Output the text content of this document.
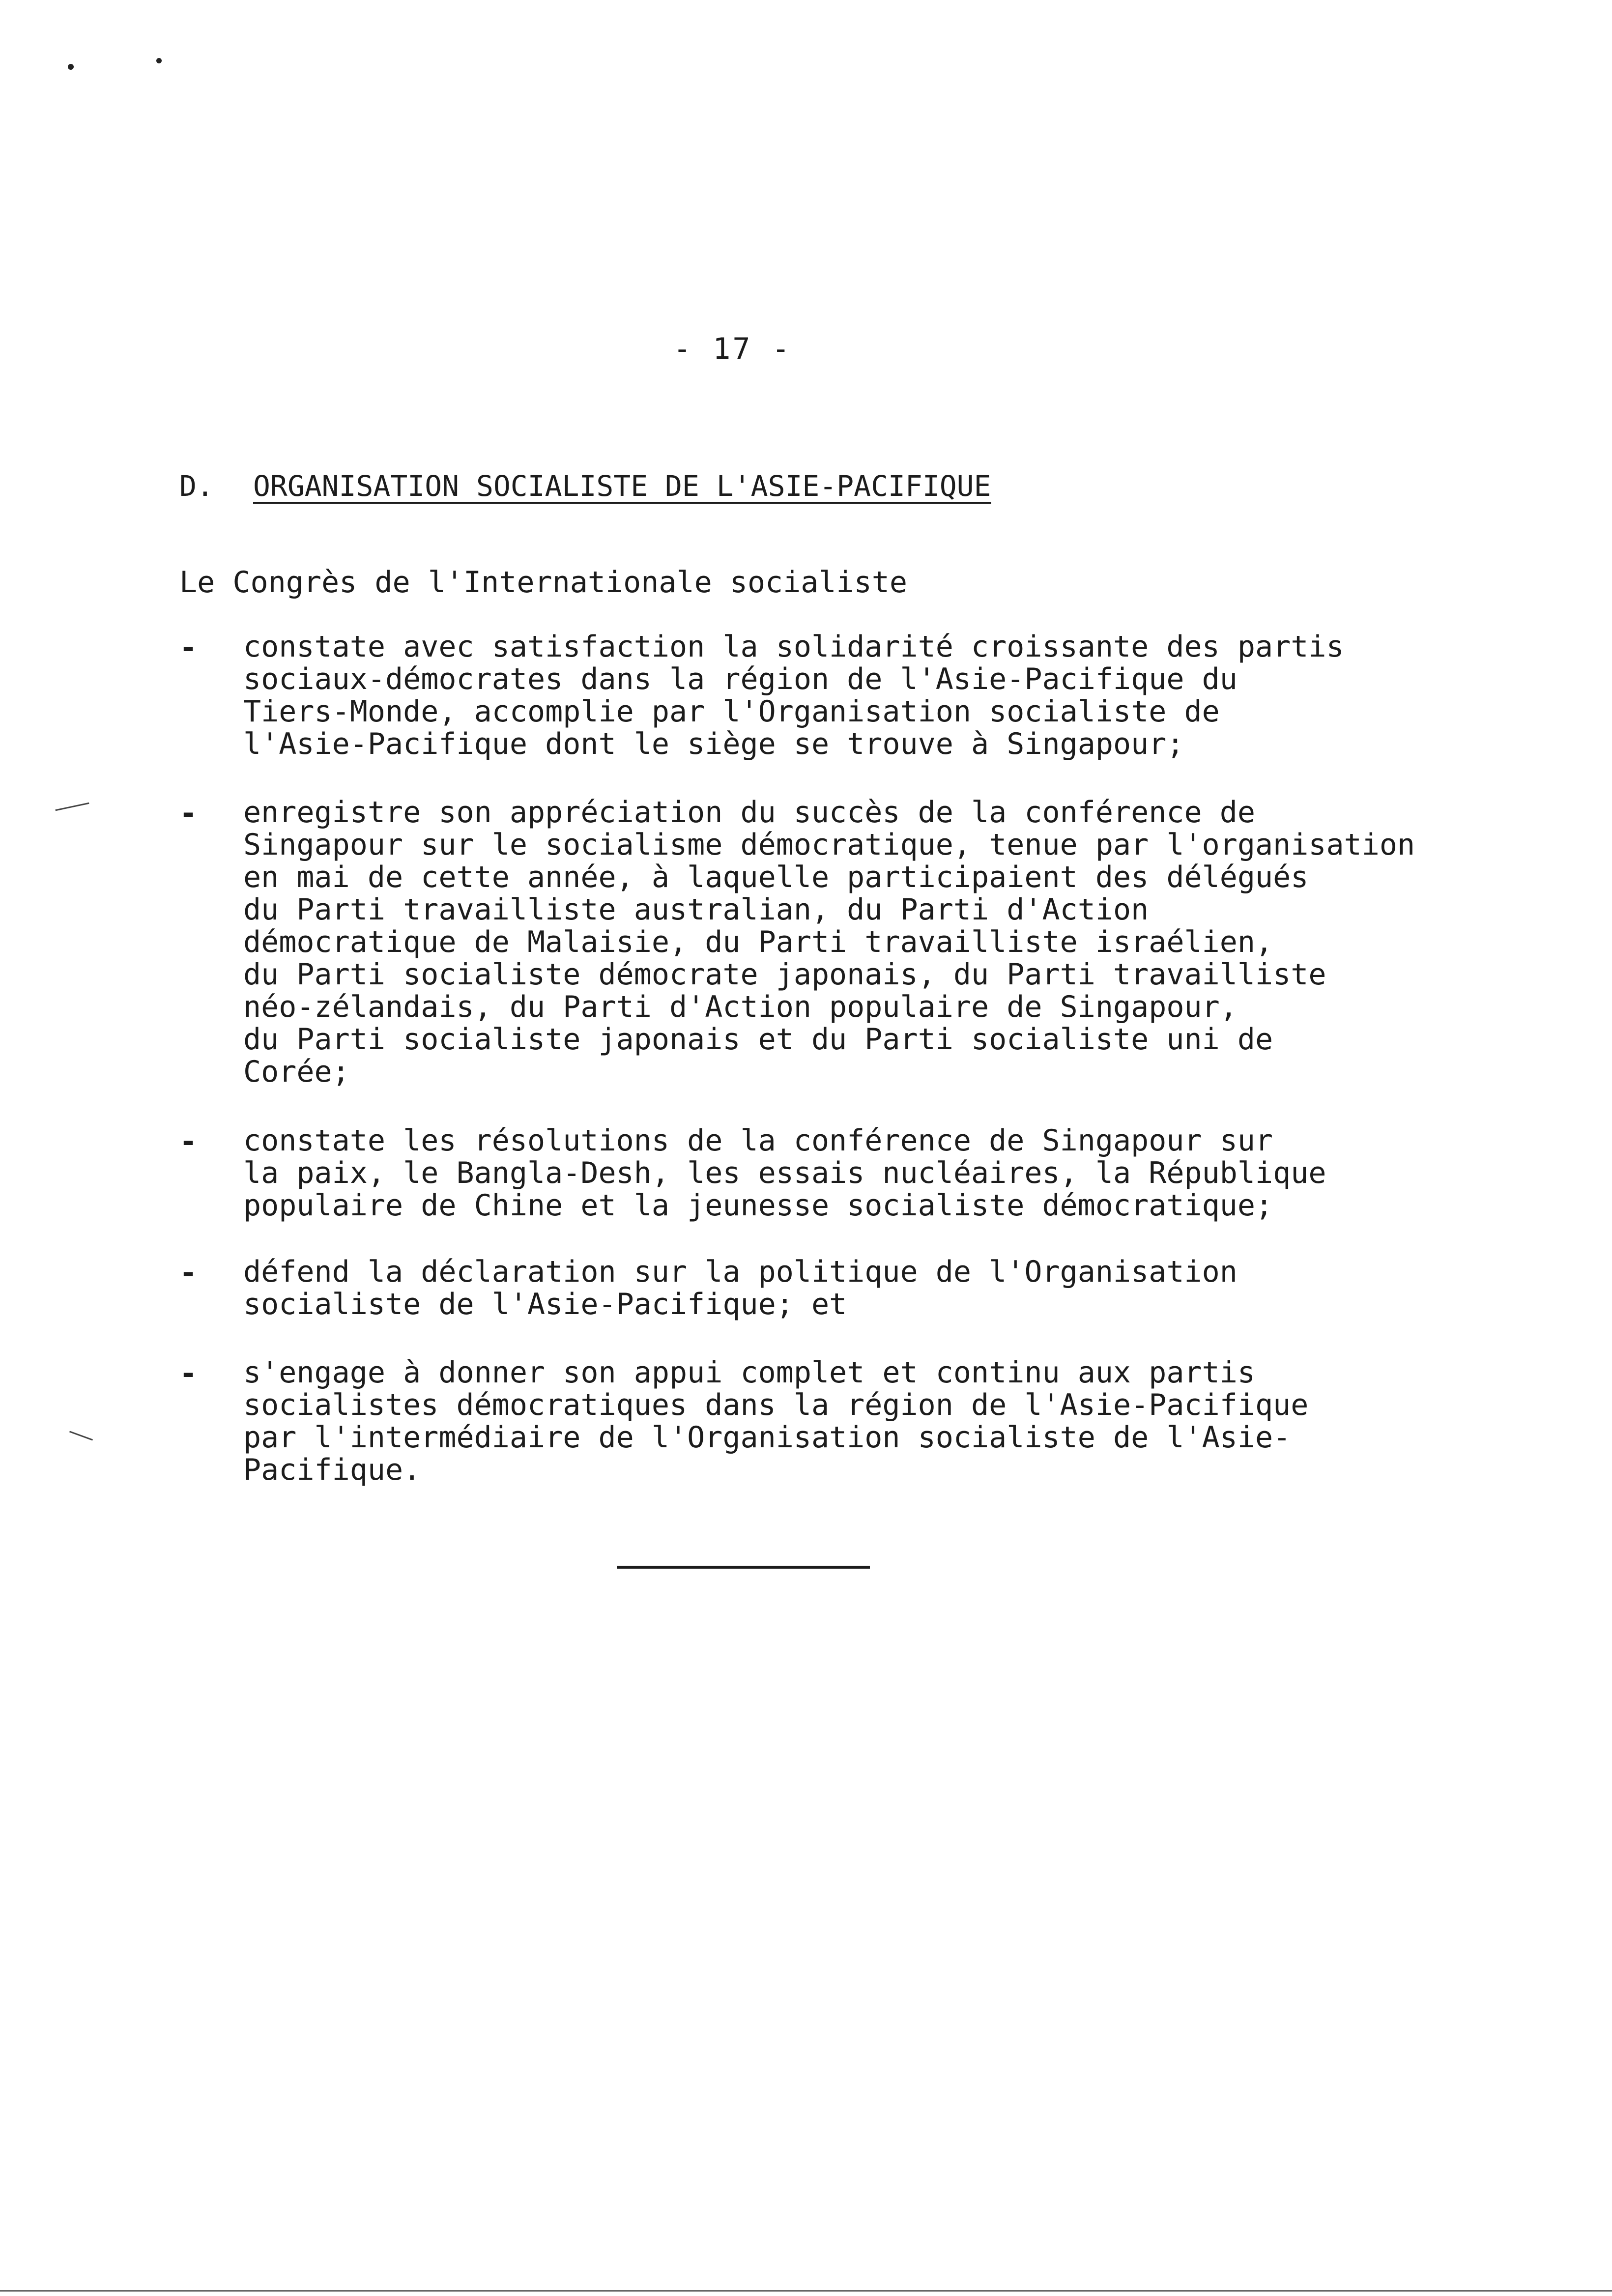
- 17 -
D. ORGANISATION SOCIALISTE DE L'ASIE-PACIFIQUE
Le Congrès de l'Internationale socialiste
-	constate avec satisfaction la solidarité croissante des partis
sociaux-démocrates dans la région de l'Asie-Pacifique du
Tiers-Monde, accomplie par l'Organisation socialiste de
l'Asie-Pacifique dont le siège se trouve à Singapour;
-	enregistre son appréciation du succès de la conférence de
Singapour sur le socialisme démocratique, tenue par l'organisation
en mai de cette année, à laquelle participaient des délégués
du Parti travailliste australian, du Parti d'Action
démocratique de Malaisie, du Parti travailliste israélien,
du Parti socialiste démocrate japonais, du Parti travailliste
néo-zélandais, du Parti d'Action populaire de Singapour,
du Parti socialiste japonais et du Parti socialiste uni de
Corée;
-	constate les résolutions de la conférence de Singapour sur
la paix, le Bangla-Desh, les essais nucléaires, la République
populaire de Chine et la jeunesse socialiste démocratique;
-	défend la déclaration sur la politique de l'Organisation
socialiste de l'Asie-Pacifique; et
-	s'engage à donner son appui complet et continu aux partis
socialistes démocratiques dans la région de l'Asie-Pacifique
par l'intermédiaire de l'Organisation socialiste de l'Asie-
Pacifique.
